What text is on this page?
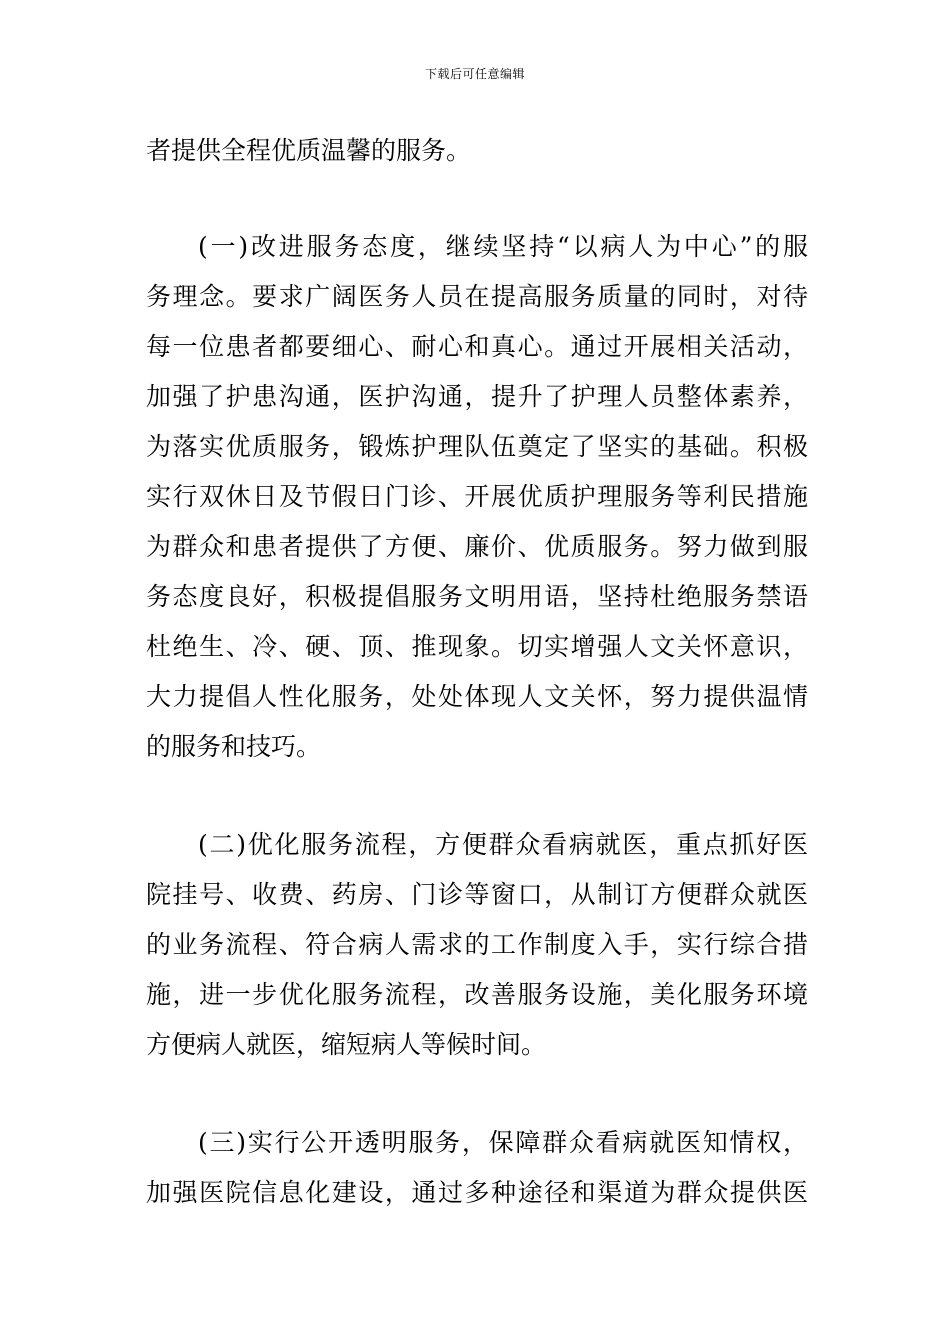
下载后可任意编辑
者提供全程优质温馨的服务。
(一)改进服务态度，继续坚持“以病人为中心”的服
务理念。要求广阔医务人员在提高服务质量的同时，对待
每一位患者都要细心、耐心和真心。通过开展相关活动，
加强了护患沟通，医护沟通，提升了护理人员整体素养，
为落实优质服务，锻炼护理队伍奠定了坚实的基础。积极
实行双休日及节假日门诊、开展优质护理服务等利民措施
为群众和患者提供了方便、廉价、优质服务。努力做到服
务态度良好，积极提倡服务文明用语，坚持杜绝服务禁语
杜绝生、冷、硬、顶、推现象。切实增强人文关怀意识，
大力提倡人性化服务，处处体现人文关怀，努力提供温情
的服务和技巧。
(二)优化服务流程，方便群众看病就医，重点抓好医
院挂号、收费、药房、门诊等窗口，从制订方便群众就医
的业务流程、符合病人需求的工作制度入手，实行综合措
施，进一步优化服务流程，改善服务设施，美化服务环境
方便病人就医，缩短病人等候时间。
(三)实行公开透明服务，保障群众看病就医知情权，
加强医院信息化建设，通过多种途径和渠道为群众提供医
